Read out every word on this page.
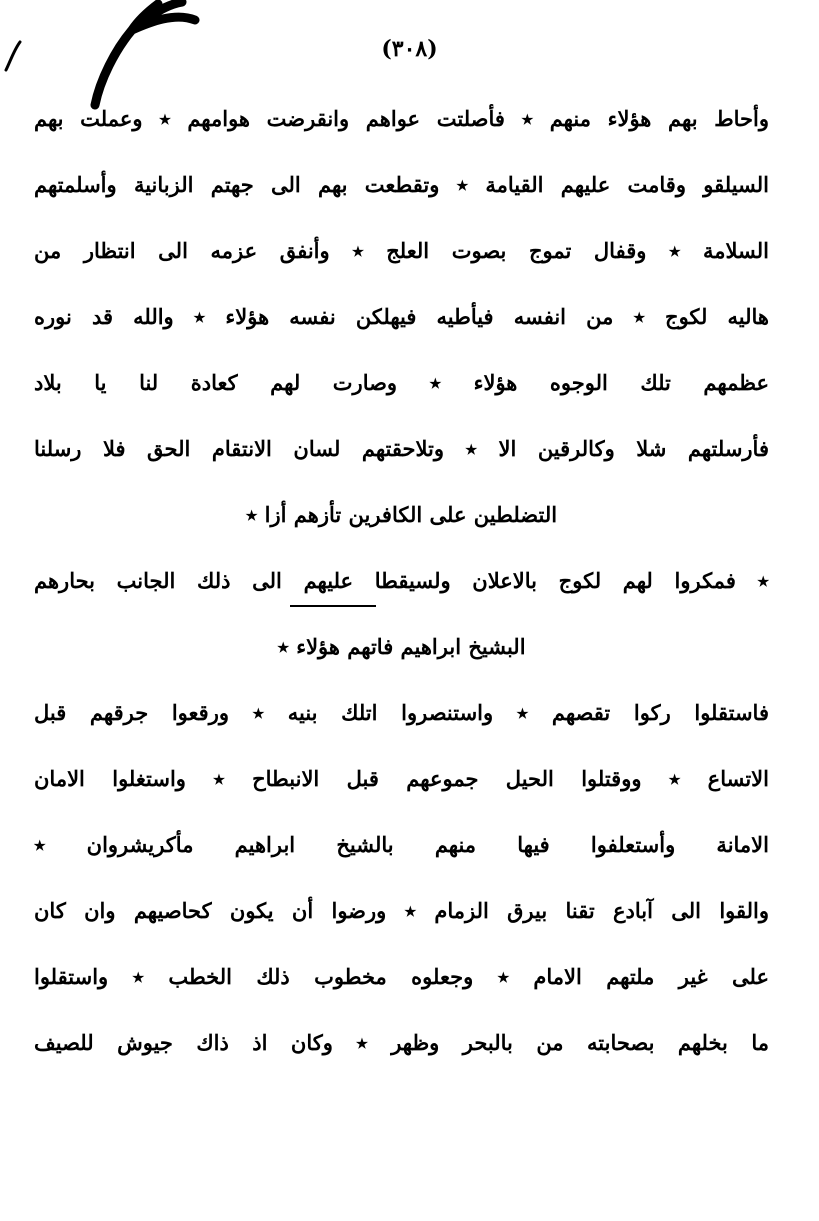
(٣٠٨)
وأحاط بهم هؤلاء منهم ٭ فأصلتت عواهم وانقرضت هوامهم ٭ وعملت بهم
السيلقو وقامت عليهم القيامة ٭ وتقطعت بهم الى جهتم الزبانية وأسلمتهم
السلامة ٭ وقفال تموج بصوت العلج ٭ وأنفق عزمه الى انتظار من
هاليه لكوج ٭ من انفسه فيأطيه فيهلكن نفسه هؤلاء ٭ والله قد نوره
عظمهم تلك الوجوه هؤلاء ٭ وصارت لهم كعادة لنا يا بلاد
فأرسلتهم شلا وكالرقين الا ٭ وتلاحقتهم لسان الانتقام الحق فلا رسلنا
التضلطين على الكافرين تأزهم أزا ٭
٭ فمكروا لهم لكوج بالاعلان ولسيقطا عليهم الى ذلك الجانب بحارهم
البشيخ ابراهيم فاتهم هؤلاء ٭
فاستقلوا ركوا تقصهم ٭ واستنصروا اتلك بنيه ٭ ورقعوا جرقهم قبل
الاتساع ٭ ووقتلوا الحيل جموعهم قبل الانبطاح ٭ واستغلوا الامان
الامانة وأستعلفوا فيها منهم بالشيخ ابراهيم مأكريشروان ٭
والقوا الى آبادع تقنا بيرق الزمام ٭ ورضوا أن يكون كحاصيهم وان كان
على غير ملتهم الامام ٭ وجعلوه مخطوب ذلك الخطب ٭ واستقلوا
ما بخلهم بصحابته من بالبحر وظهر ٭ وكان اذ ذاك جيوش للصيف
